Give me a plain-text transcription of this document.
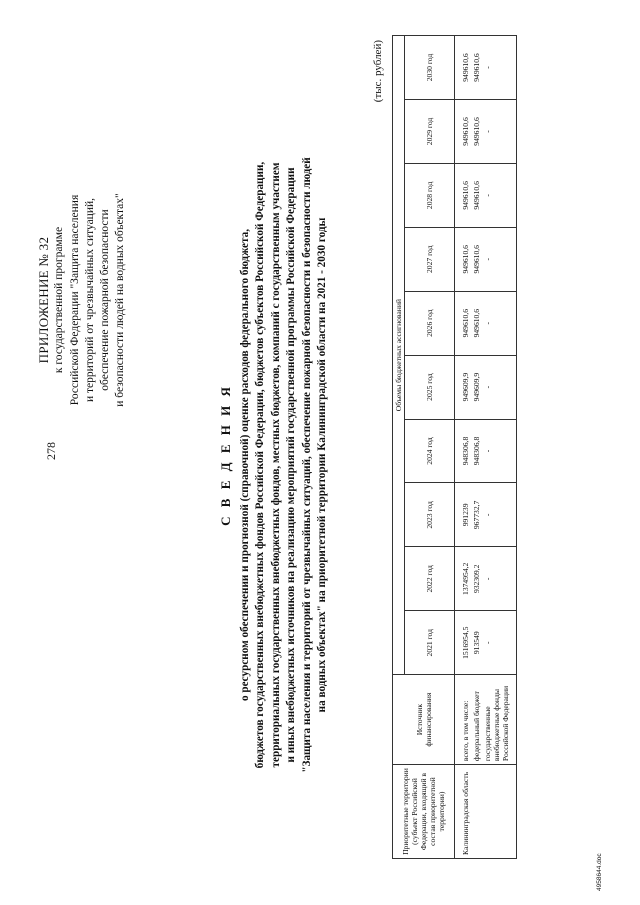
278
ПРИЛОЖЕНИЕ № 32 к государственной программе Российской Федерации "Защита населения и территорий от чрезвычайных ситуаций, обеспечение пожарной безопасности и безопасности людей на водных объектах"
С В Е Д Е Н И Я о ресурсном обеспечении и прогнозной (справочной) оценке расходов федерального бюджета, бюджетов государственных внебюджетных фондов Российской Федерации, бюджетов субъектов Российской Федерации, территориальных государственных внебюджетных фондов, местных бюджетов, компаний с государственным участием и иных внебюджетных источников на реализацию мероприятий государственной программы Российской Федерации "Защита населения и территорий от чрезвычайных ситуаций, обеспечение пожарной безопасности и безопасности людей на водных объектах" на приоритетной территории Калининградской области на 2021 - 2030 годы
(тыс. рублей)
Приоритетные территории (субъект Российской Федерации, входящий в состав приоритетной территории)	Источник финансирования	Объемы бюджетных ассигнований									
		2021 год	2022 год	2023 год	2024 год	2025 год	2026 год	2027 год	2028 год	2029 год	2030 год
Калининградская область	всего, в том числе:	1516954,5	1374954,2	991239	948306,8	949609,9	949610,6	949610,6	949610,6	949610,6	949610,6
	федеральный бюджет	913549	932309,2	967732,7	948306,8	949609,9	949610,6	949610,6	949610,6	949610,6	949610,6
	государственные внебюджетные фонды Российской Федерации	-	-	-	-	-	-	-	-	-	-
4958644.doc
